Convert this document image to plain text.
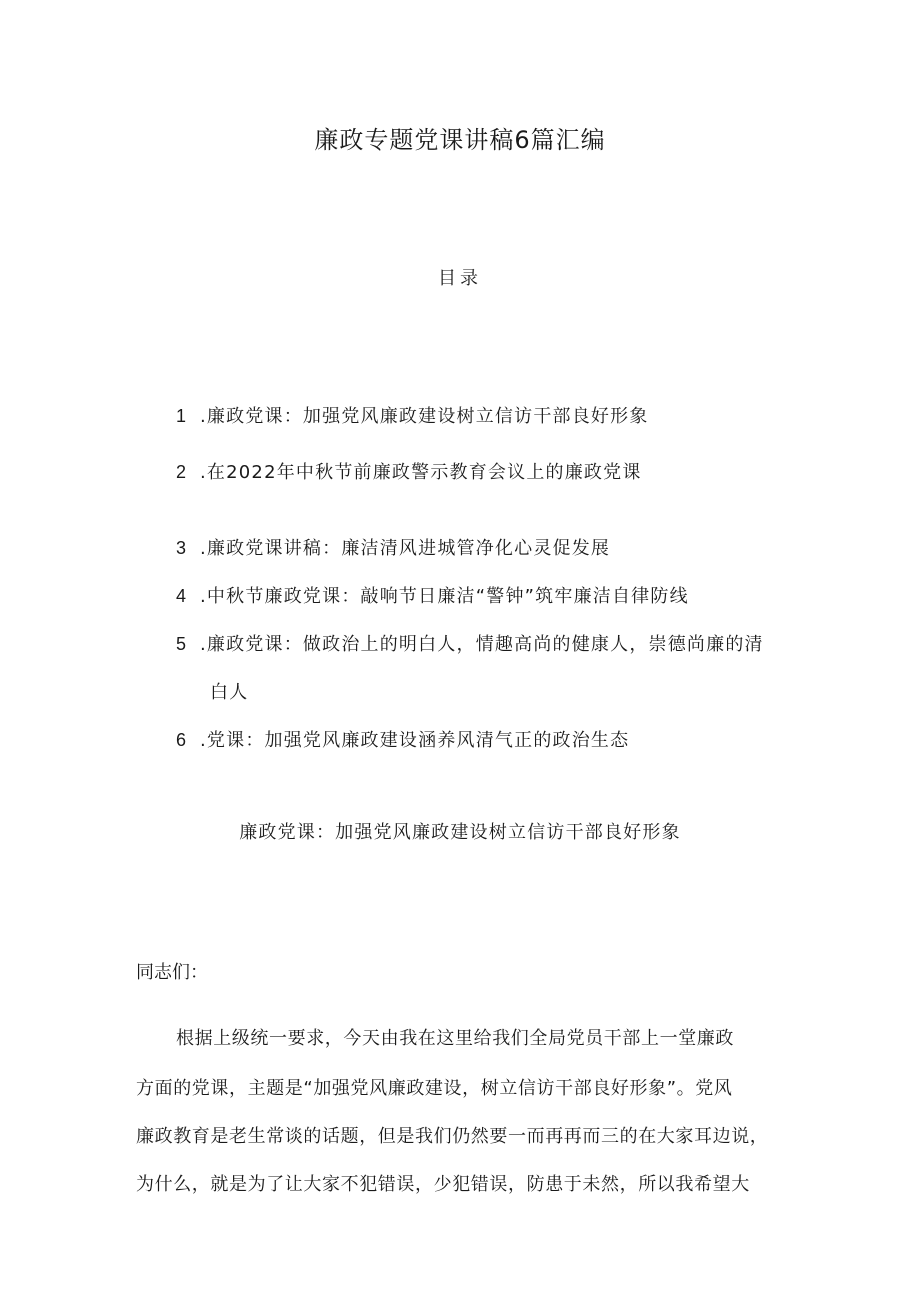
廉政专题党课讲稿6篇汇编
目录
1 .廉政党课：加强党风廉政建设树立信访干部良好形象
2 .在2022年中秋节前廉政警示教育会议上的廉政党课
3 .廉政党课讲稿：廉洁清风进城管净化心灵促发展
4 .中秋节廉政党课：敲响节日廉洁“警钟”筑牢廉洁自律防线
5 .廉政党课：做政治上的明白人，情趣高尚的健康人，崇德尚廉的清
白人
6 .党课：加强党风廉政建设涵养风清气正的政治生态
廉政党课：加强党风廉政建设树立信访干部良好形象
同志们：
根据上级统一要求，今天由我在这里给我们全局党员干部上一堂廉政
方面的党课，主题是“加强党风廉政建设，树立信访干部良好形象”。党风
廉政教育是老生常谈的话题，但是我们仍然要一而再再而三的在大家耳边说，
为什么，就是为了让大家不犯错误，少犯错误，防患于未然，所以我希望大
